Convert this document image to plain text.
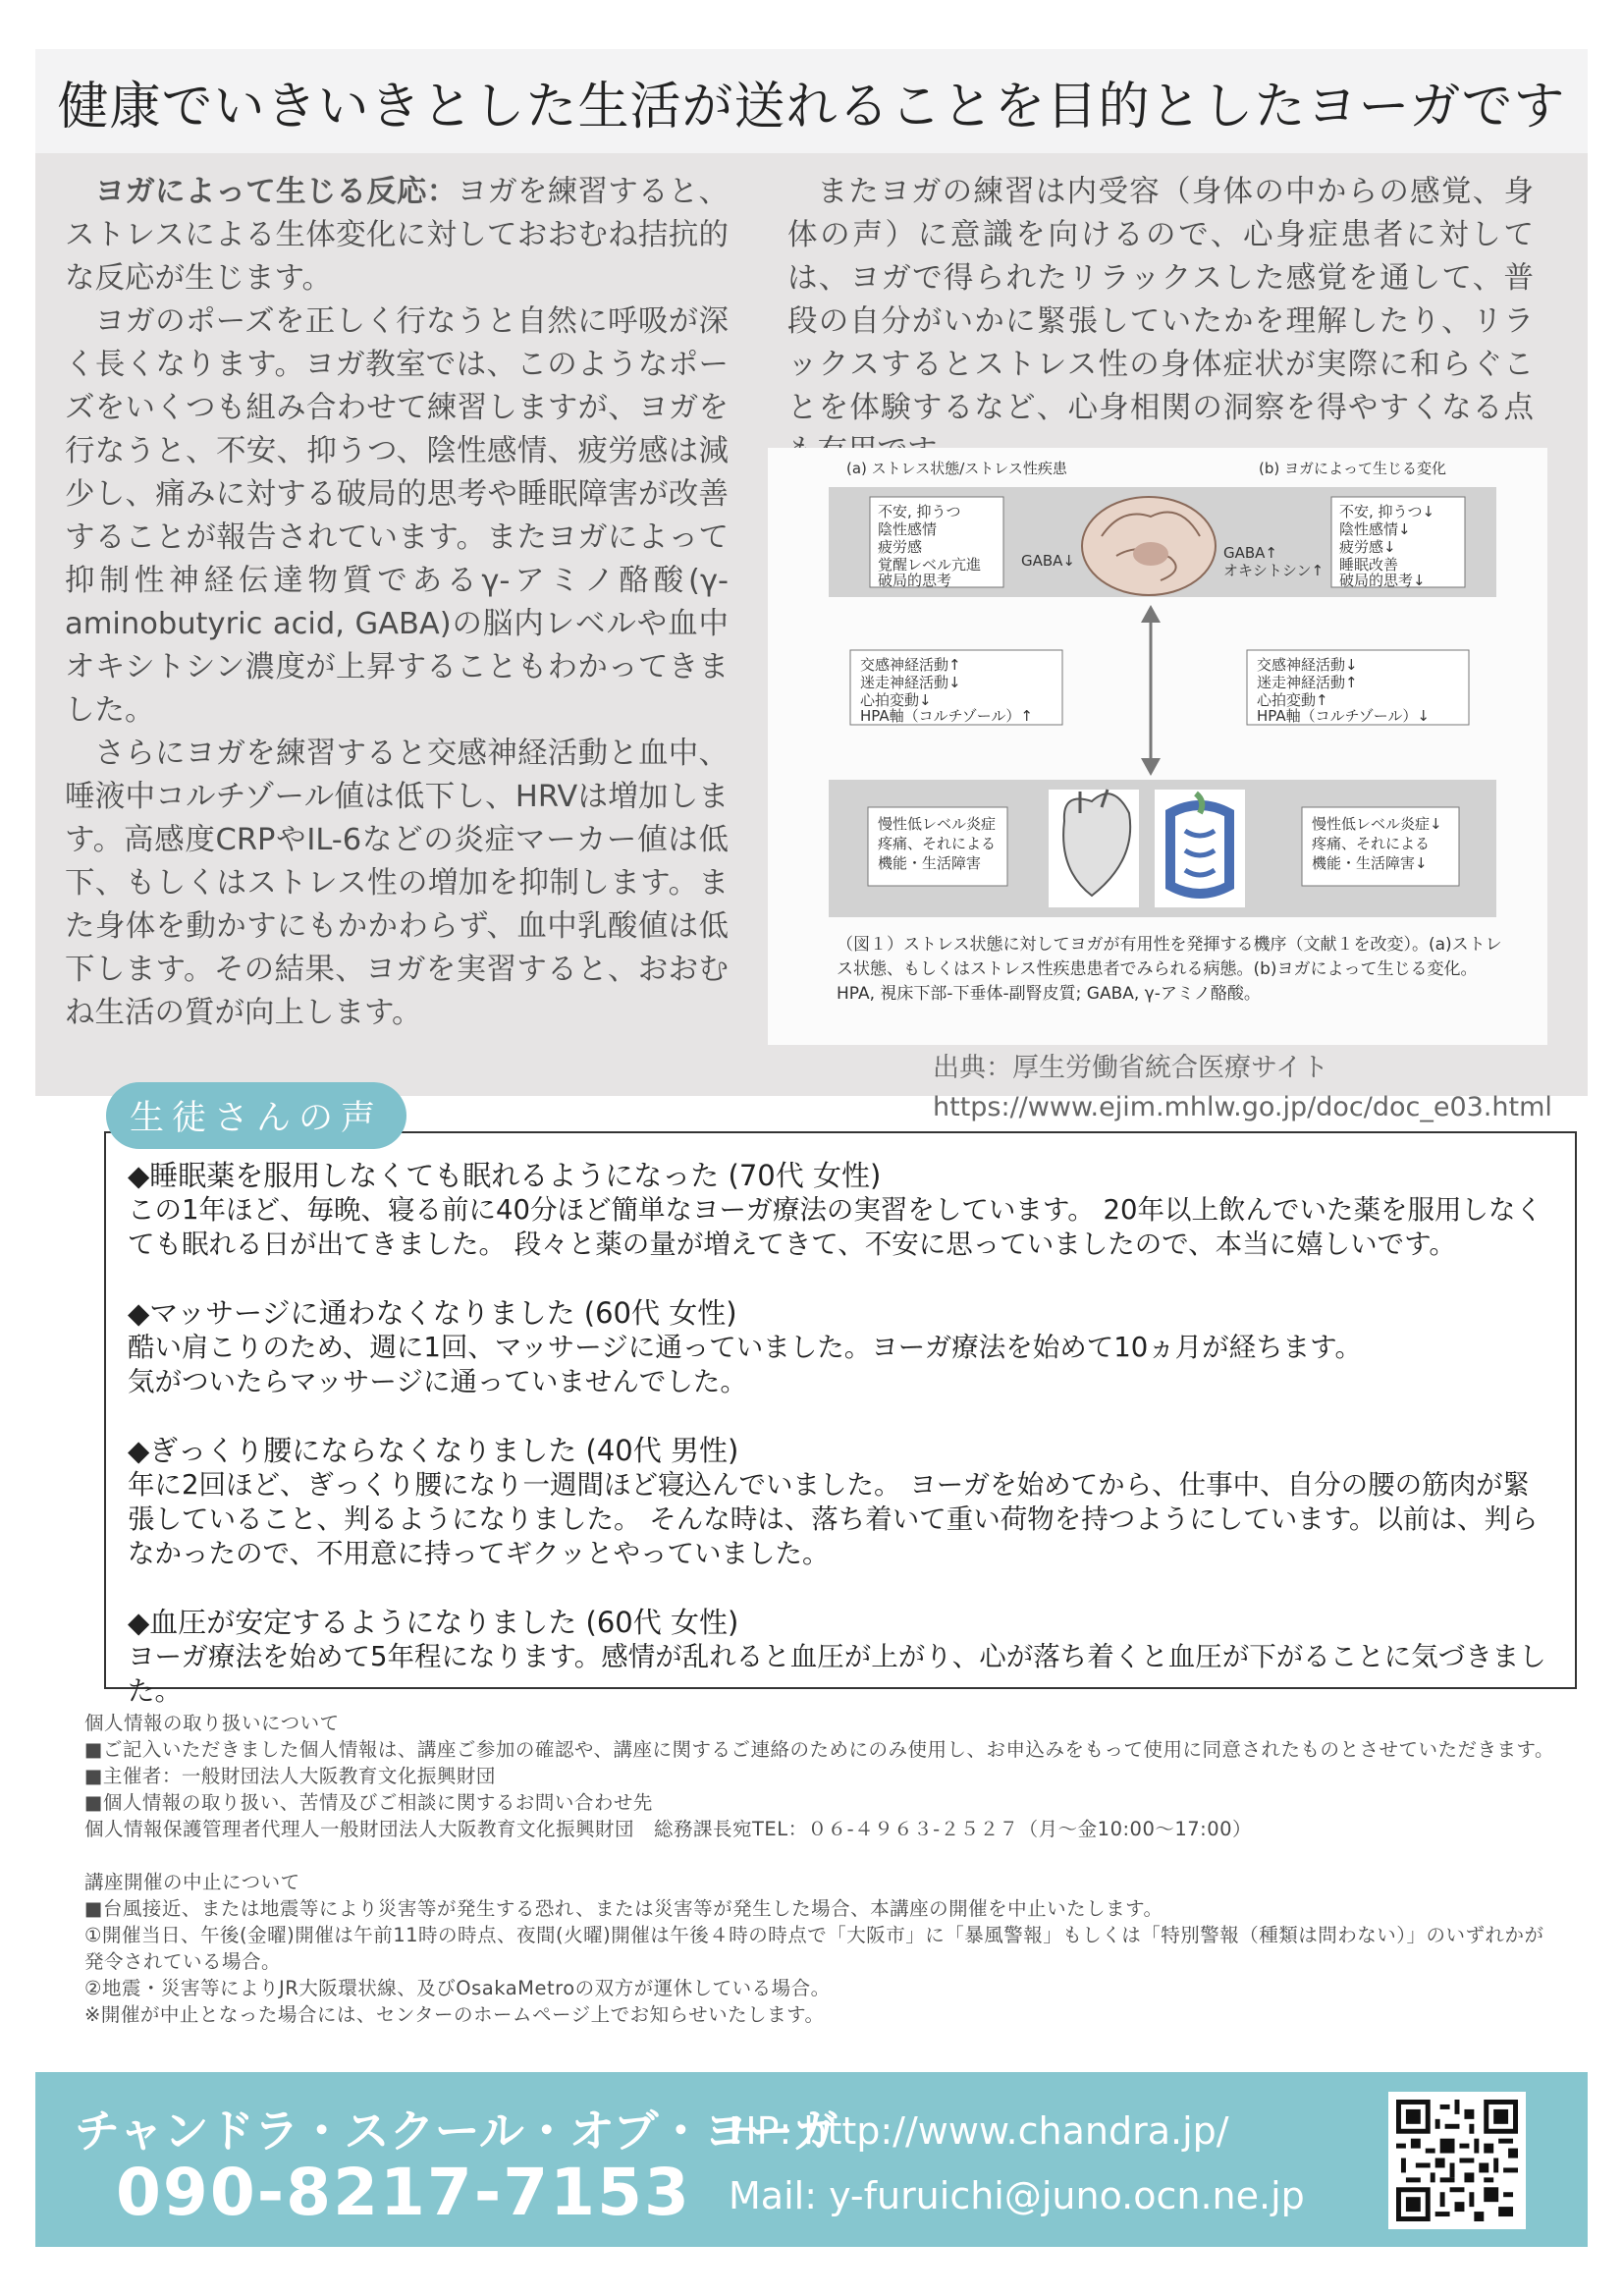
健康でいきいきとした生活が送れることを目的としたヨーガです

ヨガによって生じる反応：ヨガを練習すると、ストレスによる生体変化に対しておおむね拮抗的な反応が生じます。

ヨガのポーズを正しく行なうと自然に呼吸が深く長くなります。ヨガ教室では、このようなポーズをいくつも組み合わせて練習しますが、ヨガを行なうと、不安、抑うつ、陰性感情、疲労感は減少し、痛みに対する破局的思考や睡眠障害が改善することが報告されています。またヨガによって抑制性神経伝達物質であるγ-アミノ酪酸(γ-aminobutyric acid, GABA)の脳内レベルや血中オキシトシン濃度が上昇することもわかってきました。

さらにヨガを練習すると交感神経活動と血中、唾液中コルチゾール値は低下し、HRVは増加します。高感度CRPやIL-6などの炎症マーカー値は低下、もしくはストレス性の増加を抑制します。また身体を動かすにもかかわらず、血中乳酸値は低下します。その結果、ヨガを実習すると、おおむね生活の質が向上します。

またヨガの練習は内受容（身体の中からの感覚、身体の声）に意識を向けるので、心身症患者に対しては、ヨガで得られたリラックスした感覚を通して、普段の自分がいかに緊張していたかを理解したり、リラックスするとストレス性の身体症状が実際に和らぐことを体験するなど、心身相関の洞察を得やすくなる点
(a) ストレス状態/ストレス性疾患	(b) ヨガによって生じる変化
不安, 抑うつ
陰性感情
疲労感
覚醒レベル亢進
破局的思考
GABA↓	GABA↑
オキシトシン↑
不安, 抑うつ↓
陰性感情↓
疲労感↓
睡眠改善
破局的思考↓
交感神経活動↑
迷走神経活動↓
心拍変動↓
HPA軸（コルチゾール）↑
交感神経活動↓
迷走神経活動↑
心拍変動↑
HPA軸（コルチゾール）↓
慢性低レベル炎症
疼痛、それによる
機能・生活障害
慢性低レベル炎症↓
疼痛、それによる
機能・生活障害↓
（図１）ストレス状態に対してヨガが有用性を発揮する機序（文献１を改変）。(a)ストレス状態、もしくはストレス性疾患患者でみられる病態。(b)ヨガによって生じる変化。HPA, 視床下部-下垂体-副腎皮質; GABA, γ-アミノ酪酸。
出典：厚生労働省統合医療サイト
https://www.ejim.mhlw.go.jp/doc/doc_e03.html
生徒さんの声
◆睡眠薬を服用しなくても眠れるようになった (70代 女性)
この1年ほど、毎晩、寝る前に40分ほど簡単なヨーガ療法の実習をしています。 20年以上飲んでいた薬を服用しなくても眠れる日が出てきました。 段々と薬の量が増えてきて、不安に思っていましたので、本当に嬉しいです。
◆マッサージに通わなくなりました (60代 女性)
酷い肩こりのため、週に1回、マッサージに通っていました。ヨーガ療法を始めて10ヵ月が経ちます。
気がついたらマッサージに通っていませんでした。
◆ぎっくり腰にならなくなりました (40代 男性)
年に2回ほど、ぎっくり腰になり一週間ほど寝込んでいました。 ヨーガを始めてから、仕事中、自分の腰の筋肉が緊張していること、判るようになりました。 そんな時は、落ち着いて重い荷物を持つようにしています。以前は、判らなかったので、不用意に持ってギクッとやっていました。
◆血圧が安定するようになりました (60代 女性)
ヨーガ療法を始めて5年程になります。感情が乱れると血圧が上がり、心が落ち着くと血圧が下がることに気づきました。
個人情報の取り扱いについて
■ご記入いただきました個人情報は、講座ご参加の確認や、講座に関するご連絡のためにのみ使用し、お申込みをもって使用に同意されたものとさせていただきます。
■主催者：一般財団法人大阪教育文化振興財団
■個人情報の取り扱い、苦情及びご相談に関するお問い合わせ先
個人情報保護管理者代理人一般財団法人大阪教育文化振興財団　総務課長宛TEL：０６-４９６３-２５２７（月～金10:00～17:00）
講座開催の中止について
■台風接近、または地震等により災害等が発生する恐れ、または災害等が発生した場合、本講座の開催を中止いたします。
①開催当日、午後(金曜)開催は午前11時の時点、夜間(火曜)開催は午後４時の時点で「大阪市」に「暴風警報」もしくは「特別警報（種類は問わない）」のいずれかが発令されている場合。
②地震・災害等によりJR大阪環状線、及びOsakaMetroの双方が運休している場合。
※開催が中止となった場合には、センターのホームページ上でお知らせいたします。
チャンドラ・スクール・オブ・ヨーガ
090-8217-7153
HP: http://www.chandra.jp/
Mail: y-furuichi@juno.ocn.ne.jp
